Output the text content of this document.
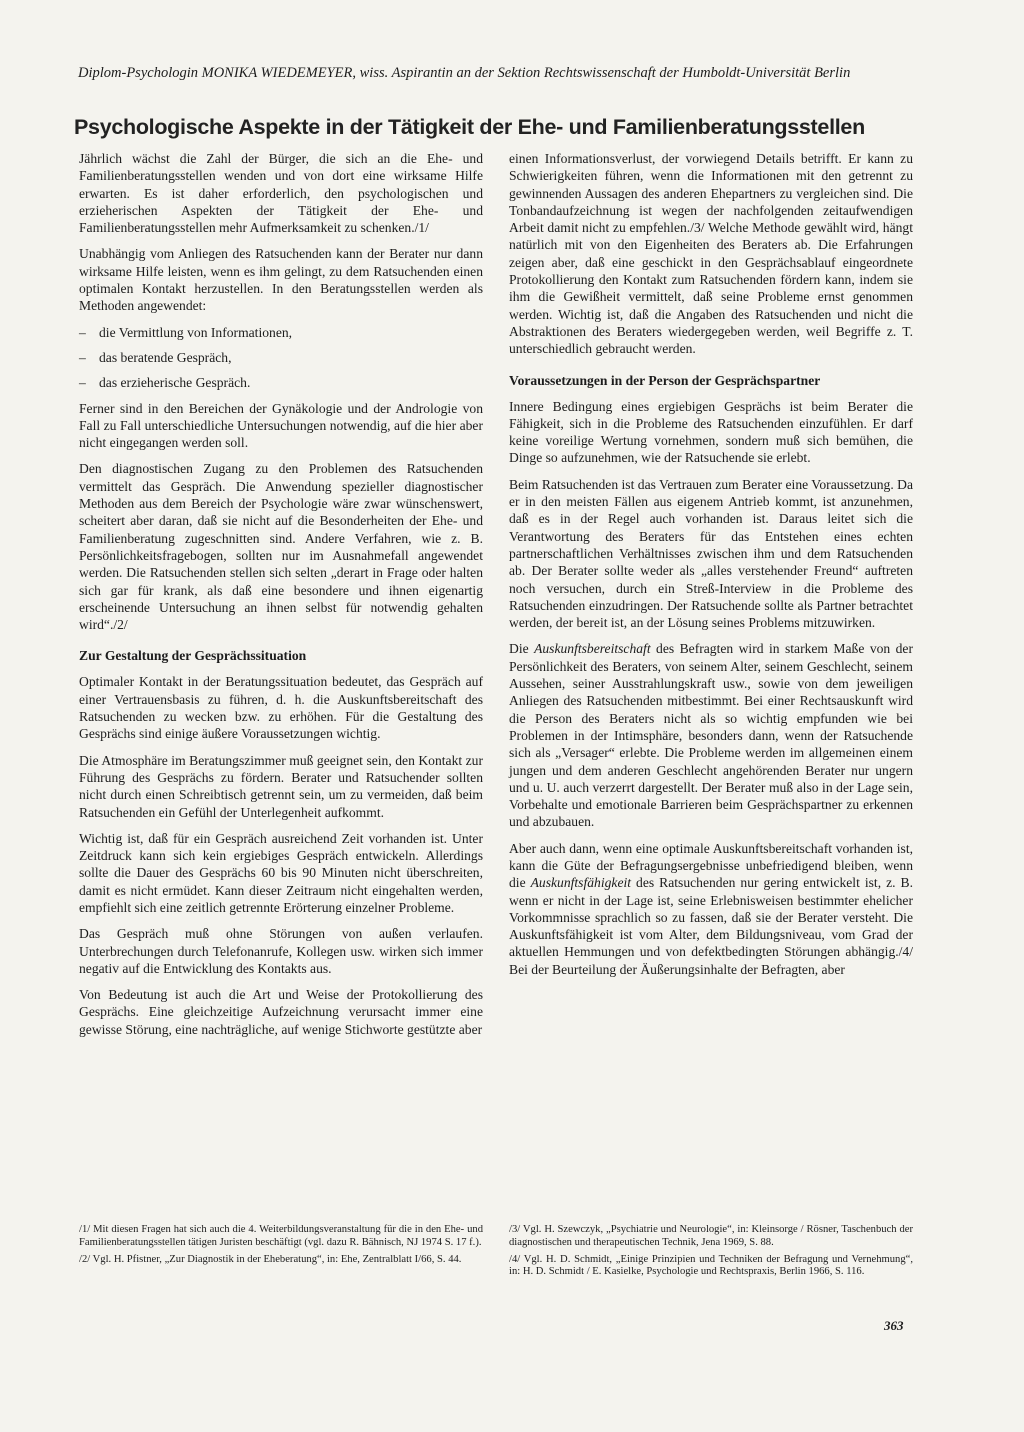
Diplom-Psychologin MONIKA WIEDEMEYER, wiss. Aspirantin an der Sektion Rechtswissenschaft der Humboldt-Universität Berlin
Psychologische Aspekte in der Tätigkeit der Ehe- und Familienberatungsstellen

Jährlich wächst die Zahl der Bürger, die sich an die Ehe- und Familienberatungsstellen wenden und von dort eine wirksame Hilfe erwarten. Es ist daher erforderlich, den psychologischen und erzieherischen Aspekten der Tätigkeit der Ehe- und Familienberatungsstellen mehr Aufmerksamkeit zu schenken./1/

Unabhängig vom Anliegen des Ratsuchenden kann der Berater nur dann wirksame Hilfe leisten, wenn es ihm gelingt, zu dem Ratsuchenden einen optimalen Kontakt herzustellen. In den Beratungsstellen werden als Methoden angewendet:

– die Vermittlung von Informationen,
– das beratende Gespräch,
– das erzieherische Gespräch.

Ferner sind in den Bereichen der Gynäkologie und der Andrologie von Fall zu Fall unterschiedliche Untersuchungen notwendig, auf die hier aber nicht eingegangen werden soll.

Den diagnostischen Zugang zu den Problemen des Ratsuchenden vermittelt das Gespräch. Die Anwendung spezieller diagnostischer Methoden aus dem Bereich der Psychologie wäre zwar wünschenswert, scheitert aber daran, daß sie nicht auf die Besonderheiten der Ehe- und Familienberatung zugeschnitten sind. Andere Verfahren, wie z. B. Persönlichkeitsfragebogen, sollten nur im Ausnahmefall angewendet werden. Die Ratsuchenden stellen sich selten „derart in Frage oder halten sich gar für krank, als daß eine besondere und ihnen eigenartig erscheinende Untersuchung an ihnen selbst für notwendig gehalten wird“./2/

Zur Gestaltung der Gesprächssituation

Optimaler Kontakt in der Beratungssituation bedeutet, das Gespräch auf einer Vertrauensbasis zu führen, d. h. die Auskunftsbereitschaft des Ratsuchenden zu wecken bzw. zu erhöhen. Für die Gestaltung des Gesprächs sind einige äußere Voraussetzungen wichtig.

Die Atmosphäre im Beratungszimmer muß geeignet sein, den Kontakt zur Führung des Gesprächs zu fördern. Berater und Ratsuchender sollten nicht durch einen Schreibtisch getrennt sein, um zu vermeiden, daß beim Ratsuchenden ein Gefühl der Unterlegenheit aufkommt.

Wichtig ist, daß für ein Gespräch ausreichend Zeit vorhanden ist. Unter Zeitdruck kann sich kein ergiebiges Gespräch entwickeln. Allerdings sollte die Dauer des Gesprächs 60 bis 90 Minuten nicht überschreiten, damit es nicht ermüdet. Kann dieser Zeitraum nicht eingehalten werden, empfiehlt sich eine zeitlich getrennte Erörterung einzelner Probleme.

Das Gespräch muß ohne Störungen von außen verlaufen. Unterbrechungen durch Telefonanrufe, Kollegen usw. wirken sich immer negativ auf die Entwicklung des Kontakts aus.

Von Bedeutung ist auch die Art und Weise der Protokollierung des Gesprächs. Eine gleichzeitige Aufzeichnung verursacht immer eine gewisse Störung, eine nachträgliche, auf wenige Stichworte gestützte aber

einen Informationsverlust, der vorwiegend Details betrifft. Er kann zu Schwierigkeiten führen, wenn die Informationen mit den getrennt zu gewinnenden Aussagen des anderen Ehepartners zu vergleichen sind. Die Tonbandaufzeichnung ist wegen der nachfolgenden zeitaufwendigen Arbeit damit nicht zu empfehlen./3/ Welche Methode gewählt wird, hängt natürlich mit von den Eigenheiten des Beraters ab. Die Erfahrungen zeigen aber, daß eine geschickt in den Gesprächsablauf eingeordnete Protokollierung den Kontakt zum Ratsuchenden fördern kann, indem sie ihm die Gewißheit vermittelt, daß seine Probleme ernst genommen werden. Wichtig ist, daß die Angaben des Ratsuchenden und nicht die Abstraktionen des Beraters wiedergegeben werden, weil Begriffe z. T. unterschiedlich gebraucht werden.

Voraussetzungen in der Person der Gesprächspartner

Innere Bedingung eines ergiebigen Gesprächs ist beim Berater die Fähigkeit, sich in die Probleme des Ratsuchenden einzufühlen. Er darf keine voreilige Wertung vornehmen, sondern muß sich bemühen, die Dinge so aufzunehmen, wie der Ratsuchende sie erlebt.

Beim Ratsuchenden ist das Vertrauen zum Berater eine Voraussetzung. Da er in den meisten Fällen aus eigenem Antrieb kommt, ist anzunehmen, daß es in der Regel auch vorhanden ist. Daraus leitet sich die Verantwortung des Beraters für das Entstehen eines echten partnerschaftlichen Verhältnisses zwischen ihm und dem Ratsuchenden ab. Der Berater sollte weder als „alles verstehender Freund“ auftreten noch versuchen, durch ein Streß-Interview in die Probleme des Ratsuchenden einzudringen. Der Ratsuchende sollte als Partner betrachtet werden, der bereit ist, an der Lösung seines Problems mitzuwirken.

Die Auskunftsbereitschaft des Befragten wird in starkem Maße von der Persönlichkeit des Beraters, von seinem Alter, seinem Geschlecht, seinem Aussehen, seiner Ausstrahlungskraft usw., sowie von dem jeweiligen Anliegen des Ratsuchenden mitbestimmt. Bei einer Rechtsauskunft wird die Person des Beraters nicht als so wichtig empfunden wie bei Problemen in der Intimsphäre, besonders dann, wenn der Ratsuchende sich als „Versager“ erlebte. Die Probleme werden im allgemeinen einem jungen und dem anderen Geschlecht angehörenden Berater nur ungern und u. U. auch verzerrt dargestellt. Der Berater muß also in der Lage sein, Vorbehalte und emotionale Barrieren beim Gesprächspartner zu erkennen und abzubauen.

Aber auch dann, wenn eine optimale Auskunftsbereitschaft vorhanden ist, kann die Güte der Befragungsergebnisse unbefriedigend bleiben, wenn die Auskunftsfähigkeit des Ratsuchenden nur gering entwickelt ist, z. B. wenn er nicht in der Lage ist, seine Erlebnisweisen bestimmter ehelicher Vorkommnisse sprachlich so zu fassen, daß sie der Berater versteht. Die Auskunftsfähigkeit ist vom Alter, dem Bildungsniveau, vom Grad der aktuellen Hemmungen und von defektbedingten Störungen abhängig./4/ Bei der Beurteilung der Äußerungsinhalte der Befragten, aber

/1/ Mit diesen Fragen hat sich auch die 4. Weiterbildungsveranstaltung für die in den Ehe- und Familienberatungsstellen tätigen Juristen beschäftigt (vgl. dazu R. Bähnisch, NJ 1974 S. 17 f.).

/2/ Vgl. H. Pfistner, „Zur Diagnostik in der Eheberatung“, in: Ehe, Zentralblatt I/66, S. 44.

/3/ Vgl. H. Szewczyk, „Psychiatrie und Neurologie“, in: Kleinsorge / Rösner, Taschenbuch der diagnostischen und therapeutischen Technik, Jena 1969, S. 88.

/4/ Vgl. H. D. Schmidt, „Einige Prinzipien und Techniken der Befragung und Vernehmung“, in: H. D. Schmidt / E. Kasielke, Psychologie und Rechtspraxis, Berlin 1966, S. 116.

363
